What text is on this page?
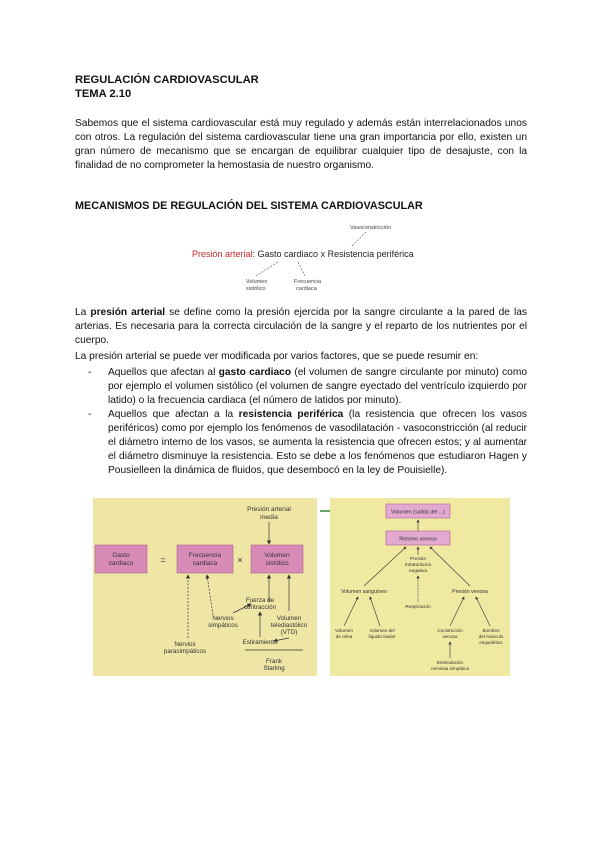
REGULACIÓN CARDIOVASCULAR
TEMA 2.10
Sabemos que el sistema cardiovascular está muy regulado y además están interrelacionados unos con otros. La regulación del sistema cardiovascular tiene una gran importancia por ello, existen un gran número de mecanismo que se encargan de equilibrar cualquier tipo de desajuste, con la finalidad de no comprometer la hemostasia de nuestro organismo.
MECANISMOS DE REGULACIÓN DEL SISTEMA CARDIOVASCULAR
Vasoconstricción
Presión arterial: Gasto cardiaco x Resistencia periférica
Volumen
sistólico
Frecuencia
cardiaca
La presión arterial se define como la presión ejercida por la sangre circulante a la pared de las arterias. Es necesaria para la correcta circulación de la sangre y el reparto de los nutrientes por el cuerpo.
La presión arterial se puede ver modificada por varios factores, que se puede resumir en:
- Aquellos que afectan al gasto cardiaco (el volumen de sangre circulante por minuto) como por ejemplo el volumen sistólico (el volumen de sangre eyectado del ventrículo izquierdo por latido) o la frecuencia cardiaca (el número de latidos por minuto).
- Aquellos que afectan a la resistencia periférica (la resistencia que ofrecen los vasos periféricos) como por ejemplo los fenómenos de vasodilatación - vasoconstricción (al reducir el diámetro interno de los vasos, se aumenta la resistencia que ofrecen estos; y al aumentar el diámetro disminuye la resistencia. Esto se debe a los fenómenos que estudiaron Hagen y Pousielleen la dinámica de fluidos, que desembocó en la ley de Pouisielle).
Presión arterial
media
Gasto
cardiaco	=	Frecuencia
cardiaca ×	Volumen
sistólico
Fuerza de
contracción
Nervios
simpáticos
Nervios
parasimpáticos
Volumen
telediastólico
(VTD)
Estiramiento
Frank
Starling
Volumen (salida del ...)
Retorno venoso
Presión
intratorácica
negativa
Volumen sanguíneo	Presión venosa
Respiración
Volumen
de orina
Volumen del
líquido tisular
Constricción
venosa
Bombeo
del músculo
esquelético
Estimulación
nerviosa simpática
